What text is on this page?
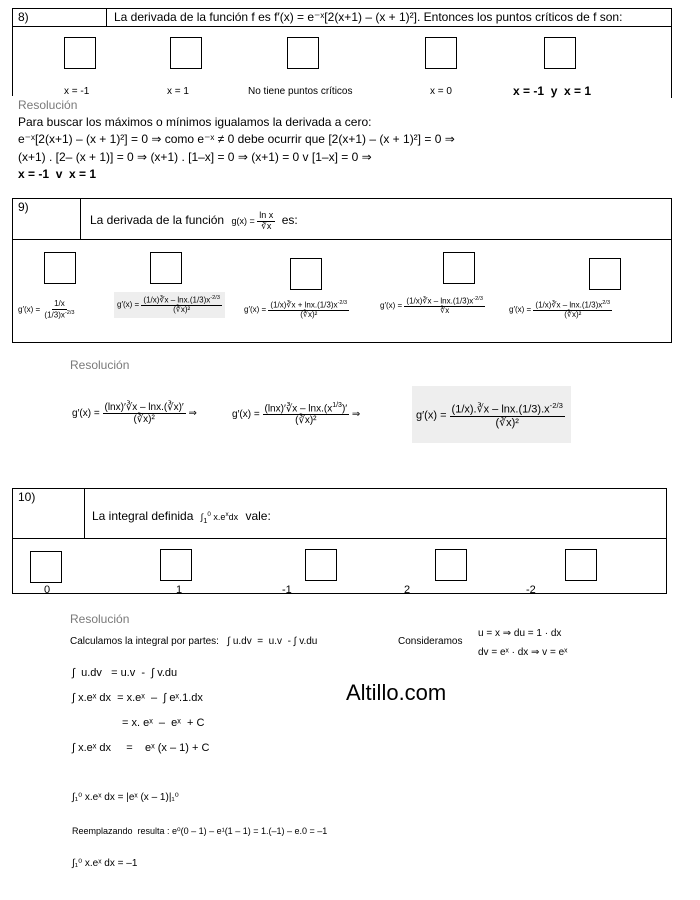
8)	La derivada de la función f es f′(x) = e⁻ˣ[2(x+1) – (x + 1)²]. Entonces los puntos críticos de f son:
x = -1	x = 1	No tiene puntos críticos	x = 0	x = -1  y  x = 1
Resolución
Para buscar los máximos o mínimos igualamos la derivada a cero:
e⁻ˣ[2(x+1) – (x + 1)²] = 0 ⇒ como e⁻ˣ ≠ 0 debe ocurrir que [2(x+1) – (x + 1)²] = 0 ⇒
(x+1) . [2– (x + 1)] = 0 ⇒ (x+1) . [1–x] = 0 ⇒ (x+1) = 0 v [1–x] = 0 ⇒
x = -1  v  x = 1
9)
La derivada de la función $g(x) = \frac{\text{ln x}}{∛x}$ es:
$g'(x) = \frac{1/x}{(1/3)x^{-2/3}}$	$g'(x) = \frac{(1/x)∛x - \ln x.(1/3)x^{-2/3}}{\text{(∛x)²}}$	$g'(x) = \frac{(1/x)∛x + \ln x.(1/3)x^{-2/3}}{\text{(∛x)²}}$	$g'(x) = \frac{(1/x)∛x - \ln x.(1/3)x^{-2/3}}{∛x}$	$g'(x) = \frac{(1/x)∛x - \ln x.(1/3)x^{2/3}}{\text{(∛x)²}}$
Resolución
$g'(x) = \frac{(\ln x)'∛x - \ln x.(∛x)'}{\text{(∛x)²}}$ ⇒	$g'(x) = \frac{(\ln x)'∛x - \ln x.(x^{1/3})'}{\text{(∛x)²}}$ ⇒	$g'(x) = \frac{(1/x).∛x - \ln x.(1/3).x^{-2/3}}{\text{(∛x)²}}$
10)
La integral definida $\int_1^0$ $x.e^xdx$ vale:
0	1	-1	2	-2
Resolución
Calculamos la integral por partes:   ∫ u.dv  =  u.v  - ∫ v.du	Consideramos
u = x ⇒ du = 1 · dx
dv = eˣ · dx ⇒ v = eˣ
∫  u.dv   = u.v  -  ∫ v.du
∫ x.eˣ dx  = x.eˣ  –  ∫ eˣ.1.dx
= x. eˣ  –  eˣ  + C
∫ x.eˣ dx     =    eˣ (x – 1) + C
∫₁⁰ x.eˣ dx = |eˣ (x – 1)|₁⁰
Reemplazando  resulta : e⁰(0 – 1) – e¹(1 – 1) = 1.(–1) – e.0 = –1
∫₁⁰ x.eˣ dx = –1
Altillo.com
